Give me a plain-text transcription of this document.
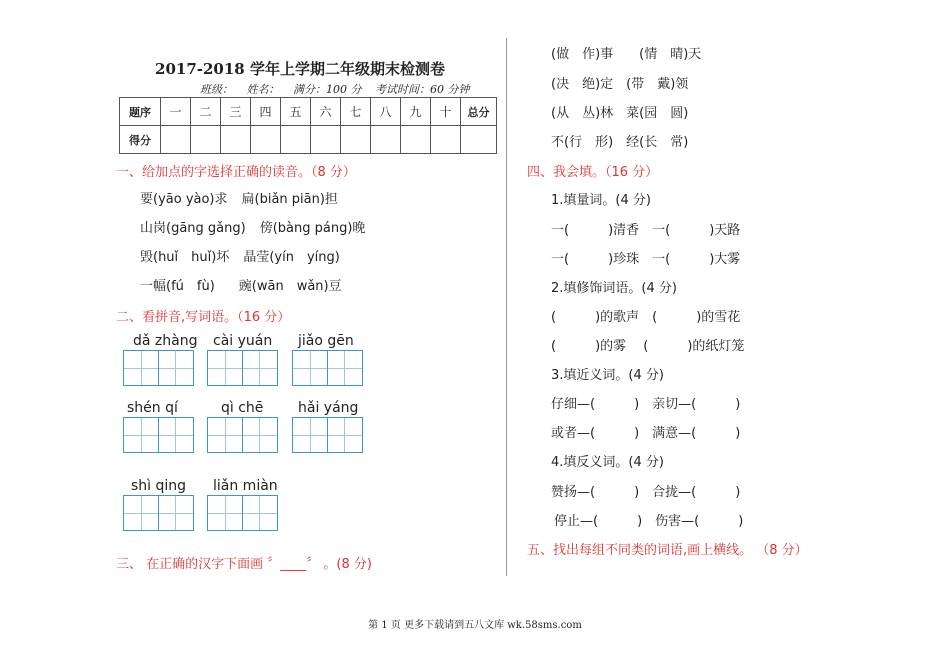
2017-2018 学年上学期二年级期末检测卷
班级： 姓名： 满分：100 分 考试时间：60 分钟
题序	一	二	三	四	五	六	七	八	九	十	总分
得分											
一、给加点的字选择正确的读音。（8 分）
要(yāo yào)求 扁(biǎn piān)担
山岗(gāng gǎng) 傍(bàng páng)晚
毁(huǐ　huǐ)坏 晶莹(yín　yíng)
一幅(fú　fù) 豌(wān　wǎn)豆
二、看拼音,写词语。（16 分）
dǎ zhàng	cài yuán	jiǎo gēn
shén qí	qì chē	hǎi yáng
shì qing	liǎn miàn
三、 在正确的汉字下面画 〞____〞 。(8 分)
(做　作)事　　(情　晴)天
(决　绝)定　(带　戴)领
(从　丛)林　菜(园　圆)
不(行　形)　经(长　常)
四、我会填。（16 分）
1.填量词。(4 分)
一(　　　)清香　一(　　　)天路
一(　　　)珍珠　一(　　　)大雾
2.填修饰词语。(4 分)
(　　　)的歌声　(　　　)的雪花
(　　　)的雾　 (　　　)的纸灯笼
3.填近义词。(4 分)
仔细—(　　　)　亲切—(　　　)
或者—(　　　)　满意—(　　　)
4.填反义词。(4 分)
赞扬—(　　　)　合拢—(　　　)
停止—(　　　)　伤害—(　　　)
五、找出每组不同类的词语,画上横线。 （8 分）
第 1 页 更多下载请到五八文库 wk.58sms.com
